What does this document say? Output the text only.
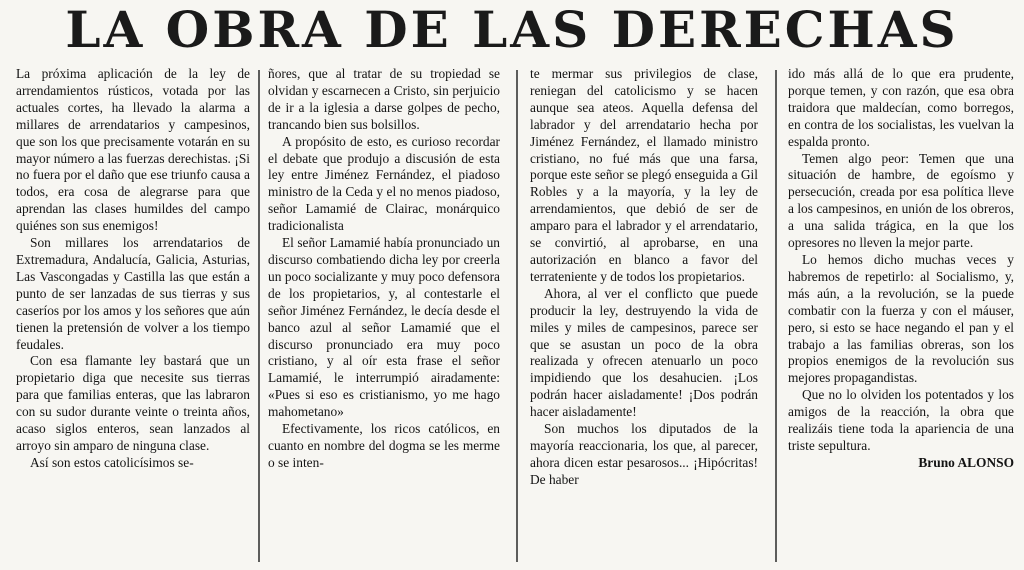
LA OBRA DE LAS DERECHAS

La próxima aplicación de la ley de arrendamientos rústicos, votada por las actuales cortes, ha llevado la alarma a millares de arrendatarios y campesinos, que son los que precisamente votarán en su mayor número a las fuerzas derechistas. ¡Si no fuera por el daño que ese triunfo causa a todos, era cosa de alegrarse para que aprendan las clases humildes del campo quiénes son sus enemigos!

Son millares los arrendatarios de Extremadura, Andalucía, Galicia, Asturias, Las Vascongadas y Castilla las que están a punto de ser lanzadas de sus tierras y sus caseríos por los amos y los señores que aún tienen la pretensión de volver a los tiempo feudales.

Con esa flamante ley bastará que un propietario diga que necesite sus tierras para que familias enteras, que las labraron con su sudor durante veinte o treinta años, acaso siglos enteros, sean lanzados al arroyo sin amparo de ninguna clase.

Así son estos catolicísimos se-

ñores, que al tratar de su tropiedad se olvidan y escarnecen a Cristo, sin perjuicio de ir a la iglesia a darse golpes de pecho, trancando bien sus bolsillos.

A propósito de esto, es curioso recordar el debate que produjo a discusión de esta ley entre Jiménez Fernández, el piadoso ministro de la Ceda y el no menos piadoso, señor Lamamié de Clairac, monárquico tradicionalista

El señor Lamamié había pronunciado un discurso combatiendo dicha ley por creerla un poco socializante y muy poco defensora de los propietarios, y, al contestarle el señor Jiménez Fernández, le decía desde el banco azul al señor Lamamié que el discurso pronunciado era muy poco cristiano, y al oír esta frase el señor Lamamié, le interrumpió airadamente: «Pues si eso es cristianismo, yo me hago mahometano»

Efectivamente, los ricos católicos, en cuanto en nombre del dogma se les merme o se inten-

te mermar sus privilegios de clase, reniegan del catolicismo y se hacen aunque sea ateos. Aquella defensa del labrador y del arrendatario hecha por Jiménez Fernández, el llamado ministro cristiano, no fué más que una farsa, porque este señor se plegó enseguida a Gil Robles y a la mayoría, y la ley de arrendamientos, que debió de ser de amparo para el labrador y el arrendatario, se convirtió, al aprobarse, en una autorización en blanco a favor del terrateniente y de todos los propietarios.

Ahora, al ver el conflicto que puede producir la ley, destruyendo la vida de miles y miles de campesinos, parece ser que se asustan un poco de la obra realizada y ofrecen atenuarlo un poco impidiendo que los desahucien. ¡Los podrán hacer aisladamente! ¡Dos podrán hacer aisladamente!

Son muchos los diputados de la mayoría reaccionaria, los que, al parecer, ahora dicen estar pesarosos... ¡Hipócritas! De haber

ido más allá de lo que era prudente, porque temen, y con razón, que esa obra traidora que maldecían, como borregos, en contra de los socialistas, les vuelvan la espalda pronto.

Temen algo peor: Temen que una situación de hambre, de egoísmo y persecución, creada por esa política lleve a los campesinos, en unión de los obreros, a una salida trágica, en la que los opresores no lleven la mejor parte.

Lo hemos dicho muchas veces y habremos de repetirlo: al Socialismo, y, más aún, a la revolución, se la puede combatir con la fuerza y con el máuser, pero, si esto se hace negando el pan y el trabajo a las familias obreras, son los propios enemigos de la revolución sus mejores propagandistas.

Que no lo olviden los potentados y los amigos de la reacción, la obra que realizáis tiene toda la apariencia de una triste sepultura.

Bruno ALONSO
